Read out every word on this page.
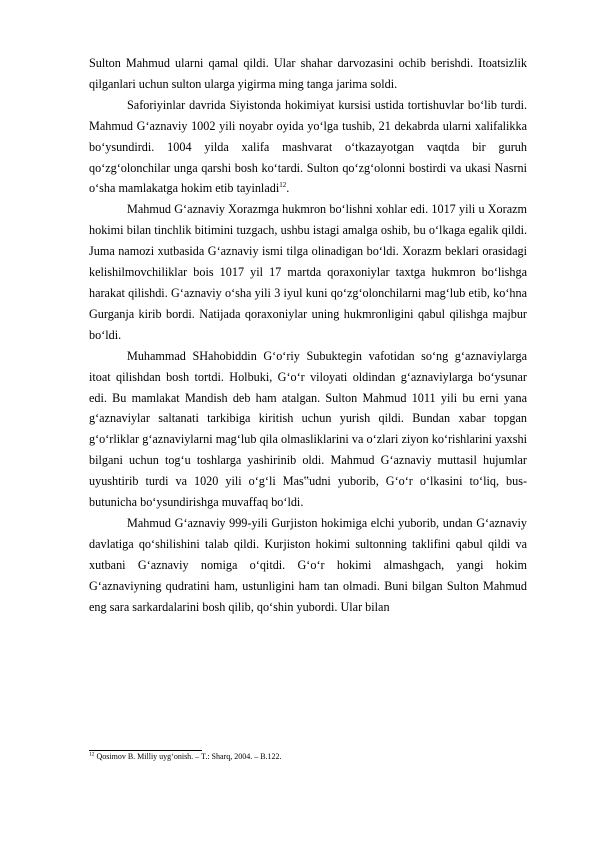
Sulton Mahmud ularni qamal qildi. Ular shahar darvozasini ochib berishdi. Itoatsizlik qilganlari uchun sulton ularga yigirma ming tanga jarima soldi.

Saforiyinlar davrida Siyistonda hokimiyat kursisi ustida tortishuvlar bo‘lib turdi. Mahmud G‘aznaviy 1002 yili noyabr oyida yo‘lga tushib, 21 dekabrda ularni xalifalikka bo‘ysundirdi. 1004 yilda xalifa mashvarat o‘tkazayotgan vaqtda bir guruh qo‘zg‘olonchilar unga qarshi bosh ko‘tardi. Sulton qo‘zg‘olonni bostirdi va ukasi Nasrni o‘sha mamlakatga hokim etib tayinladi$^{12}$.

Mahmud G‘aznaviy Xorazmga hukmron bo‘lishni xohlar edi. 1017 yili u Xorazm hokimi bilan tinchlik bitimini tuzgach, ushbu istagi amalga oshib, bu o‘lkaga egalik qildi. Juma namozi xutbasida G‘aznaviy ismi tilga olinadigan bo‘ldi. Xorazm beklari orasidagi kelishilmovchiliklar bois 1017 yil 17 martda qoraxoniylar taxtga hukmron bo‘lishga harakat qilishdi. G‘aznaviy o‘sha yili 3 iyul kuni qo‘zg‘olonchilarni mag‘lub etib, ko‘hna Gurganja kirib bordi. Natijada qoraxoniylar uning hukmronligini qabul qilishga majbur bo‘ldi.

Muhammad SHahobiddin G‘o‘riy Subuktegin vafotidan so‘ng g‘aznaviylarga itoat qilishdan bosh tortdi. Holbuki, G‘o‘r viloyati oldindan g‘aznaviylarga bo‘ysunar edi. Bu mamlakat Mandish deb ham atalgan. Sulton Mahmud 1011 yili bu erni yana g‘aznaviylar saltanati tarkibiga kiritish uchun yurish qildi. Bundan xabar topgan g‘o‘rliklar g‘aznaviylarni mag‘lub qila olmasliklarini va o‘zlari ziyon ko‘rishlarini yaxshi bilgani uchun tog‘u toshlarga yashirinib oldi. Mahmud G‘aznaviy muttasil hujumlar uyushtirib turdi va 1020 yili o‘g‘li Mas‟udni yuborib, G‘o‘r o‘lkasini to‘liq, bus- butunicha bo‘ysundirishga muvaffaq bo‘ldi.

Mahmud G‘aznaviy 999-yili Gurjiston hokimiga elchi yuborib, undan G‘aznaviy davlatiga qo‘shilishini talab qildi. Kurjiston hokimi sultonning taklifini qabul qildi va xutbani G‘aznaviy nomiga o‘qitdi. G‘o‘r hokimi almashgach, yangi hokim G‘aznaviyning qudratini ham, ustunligini ham tan olmadi. Buni bilgan Sulton Mahmud eng sara sarkardalarini bosh qilib, qo‘shin yubordi. Ular bilan

$^{12}$ Qosimov B. Milliy uyg‘onish. – T.: Sharq, 2004. – B.122.
